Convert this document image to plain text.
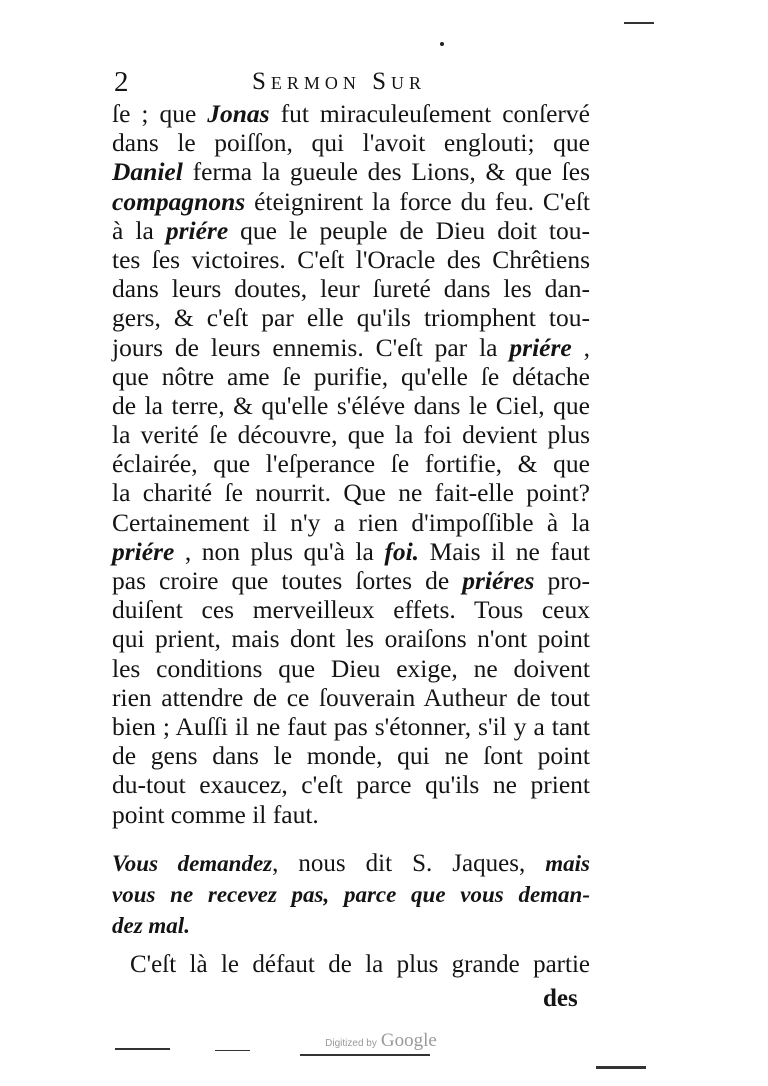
2	Sermon Sur
ſe ; que Jonas fut miraculeuſement conſervé
dans le poiſſon, qui l'avoit englouti; que
Daniel ferma la gueule des Lions, & que ſes
compagnons éteignirent la force du feu. C'eſt
à la priére que le peuple de Dieu doit tou-
tes ſes victoires. C'eſt l'Oracle des Chrêtiens
dans leurs doutes, leur ſureté dans les dan-
gers, & c'eſt par elle qu'ils triomphent tou-
jours de leurs ennemis. C'eſt par la priére ,
que nôtre ame ſe purifie, qu'elle ſe détache
de la terre, & qu'elle s'éléve dans le Ciel, que
la verité ſe découvre, que la foi devient plus
éclairée, que l'eſperance ſe fortifie, & que
la charité ſe nourrit. Que ne fait-elle point?
Certainement il n'y a rien d'impoſſible à la
priére , non plus qu'à la foi. Mais il ne faut
pas croire que toutes ſortes de priéres pro-
duiſent ces merveilleux effets. Tous ceux
qui prient, mais dont les oraiſons n'ont point
les conditions que Dieu exige, ne doivent
rien attendre de ce ſouverain Autheur de tout
bien ; Auſſi il ne faut pas s'étonner, s'il y a tant
de gens dans le monde, qui ne ſont point
du-tout exaucez, c'eſt parce qu'ils ne prient
point comme il faut.
Vous demandez, nous dit S. Jaques, mais
vous ne recevez pas, parce que vous deman-
dez mal.
C'eſt là le défaut de la plus grande partie
des
Digitized by Google
